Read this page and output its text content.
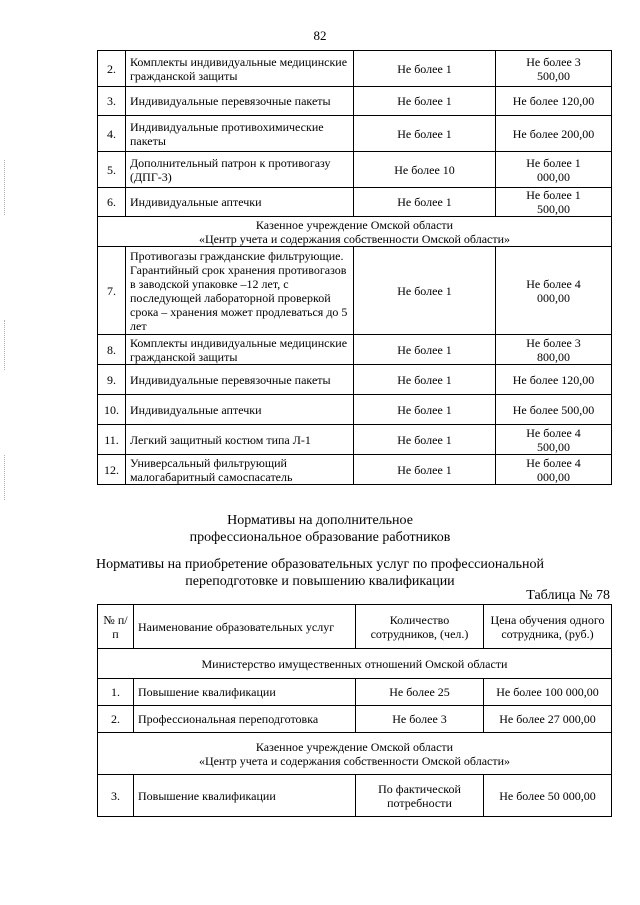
82
2.	Комплекты индивидуальные медицинские гражданской защиты	Не более 1	Не более 3 500,00
3.	Индивидуальные перевязочные пакеты	Не более 1	Не более 120,00
4.	Индивидуальные противохимические пакеты	Не более 1	Не более 200,00
5.	Дополнительный патрон к противогазу (ДПГ-3)	Не более 10	Не более 1 000,00
6.	Индивидуальные аптечки	Не более 1	Не более 1 500,00

Казенное учреждение Омской области
«Центр учета и содержания собственности Омской области»			

7.	Противогазы гражданские фильтрующие. Гарантийный срок хранения противогазов в заводской упаковке –12 лет, с последующей лабораторной проверкой срока – хранения может продлеваться до 5 лет	Не более 1	Не более 4 000,00
8.	Комплекты индивидуальные медицинские гражданской защиты	Не более 1	Не более 3 800,00
9.	Индивидуальные перевязочные пакеты	Не более 1	Не более 120,00
10.	Индивидуальные аптечки	Не более 1	Не более 500,00
11.	Легкий защитный костюм типа Л-1	Не более 1	Не более 4 500,00
12.	Универсальный фильтрующий малогабаритный самоспасатель	Не более 1	Не более 4 000,00
Нормативы на дополнительное
профессиональное образование работников
Нормативы на приобретение образовательных услуг по профессиональной
переподготовке и повышению квалификации
Таблица № 78
№ п/п	Наименование образовательных услуг	Количество сотрудников, (чел.)	Цена обучения одного сотрудника, (руб.)
Министерство имущественных отношений Омской области			
1.	Повышение квалификации	Не более 25	Не более 100 000,00
2.	Профессиональная переподготовка	Не более 3	Не более 27 000,00

Казенное учреждение Омской области
«Центр учета и содержания собственности Омской области»			

3.	Повышение квалификации	По фактической потребности	Не более 50 000,00
